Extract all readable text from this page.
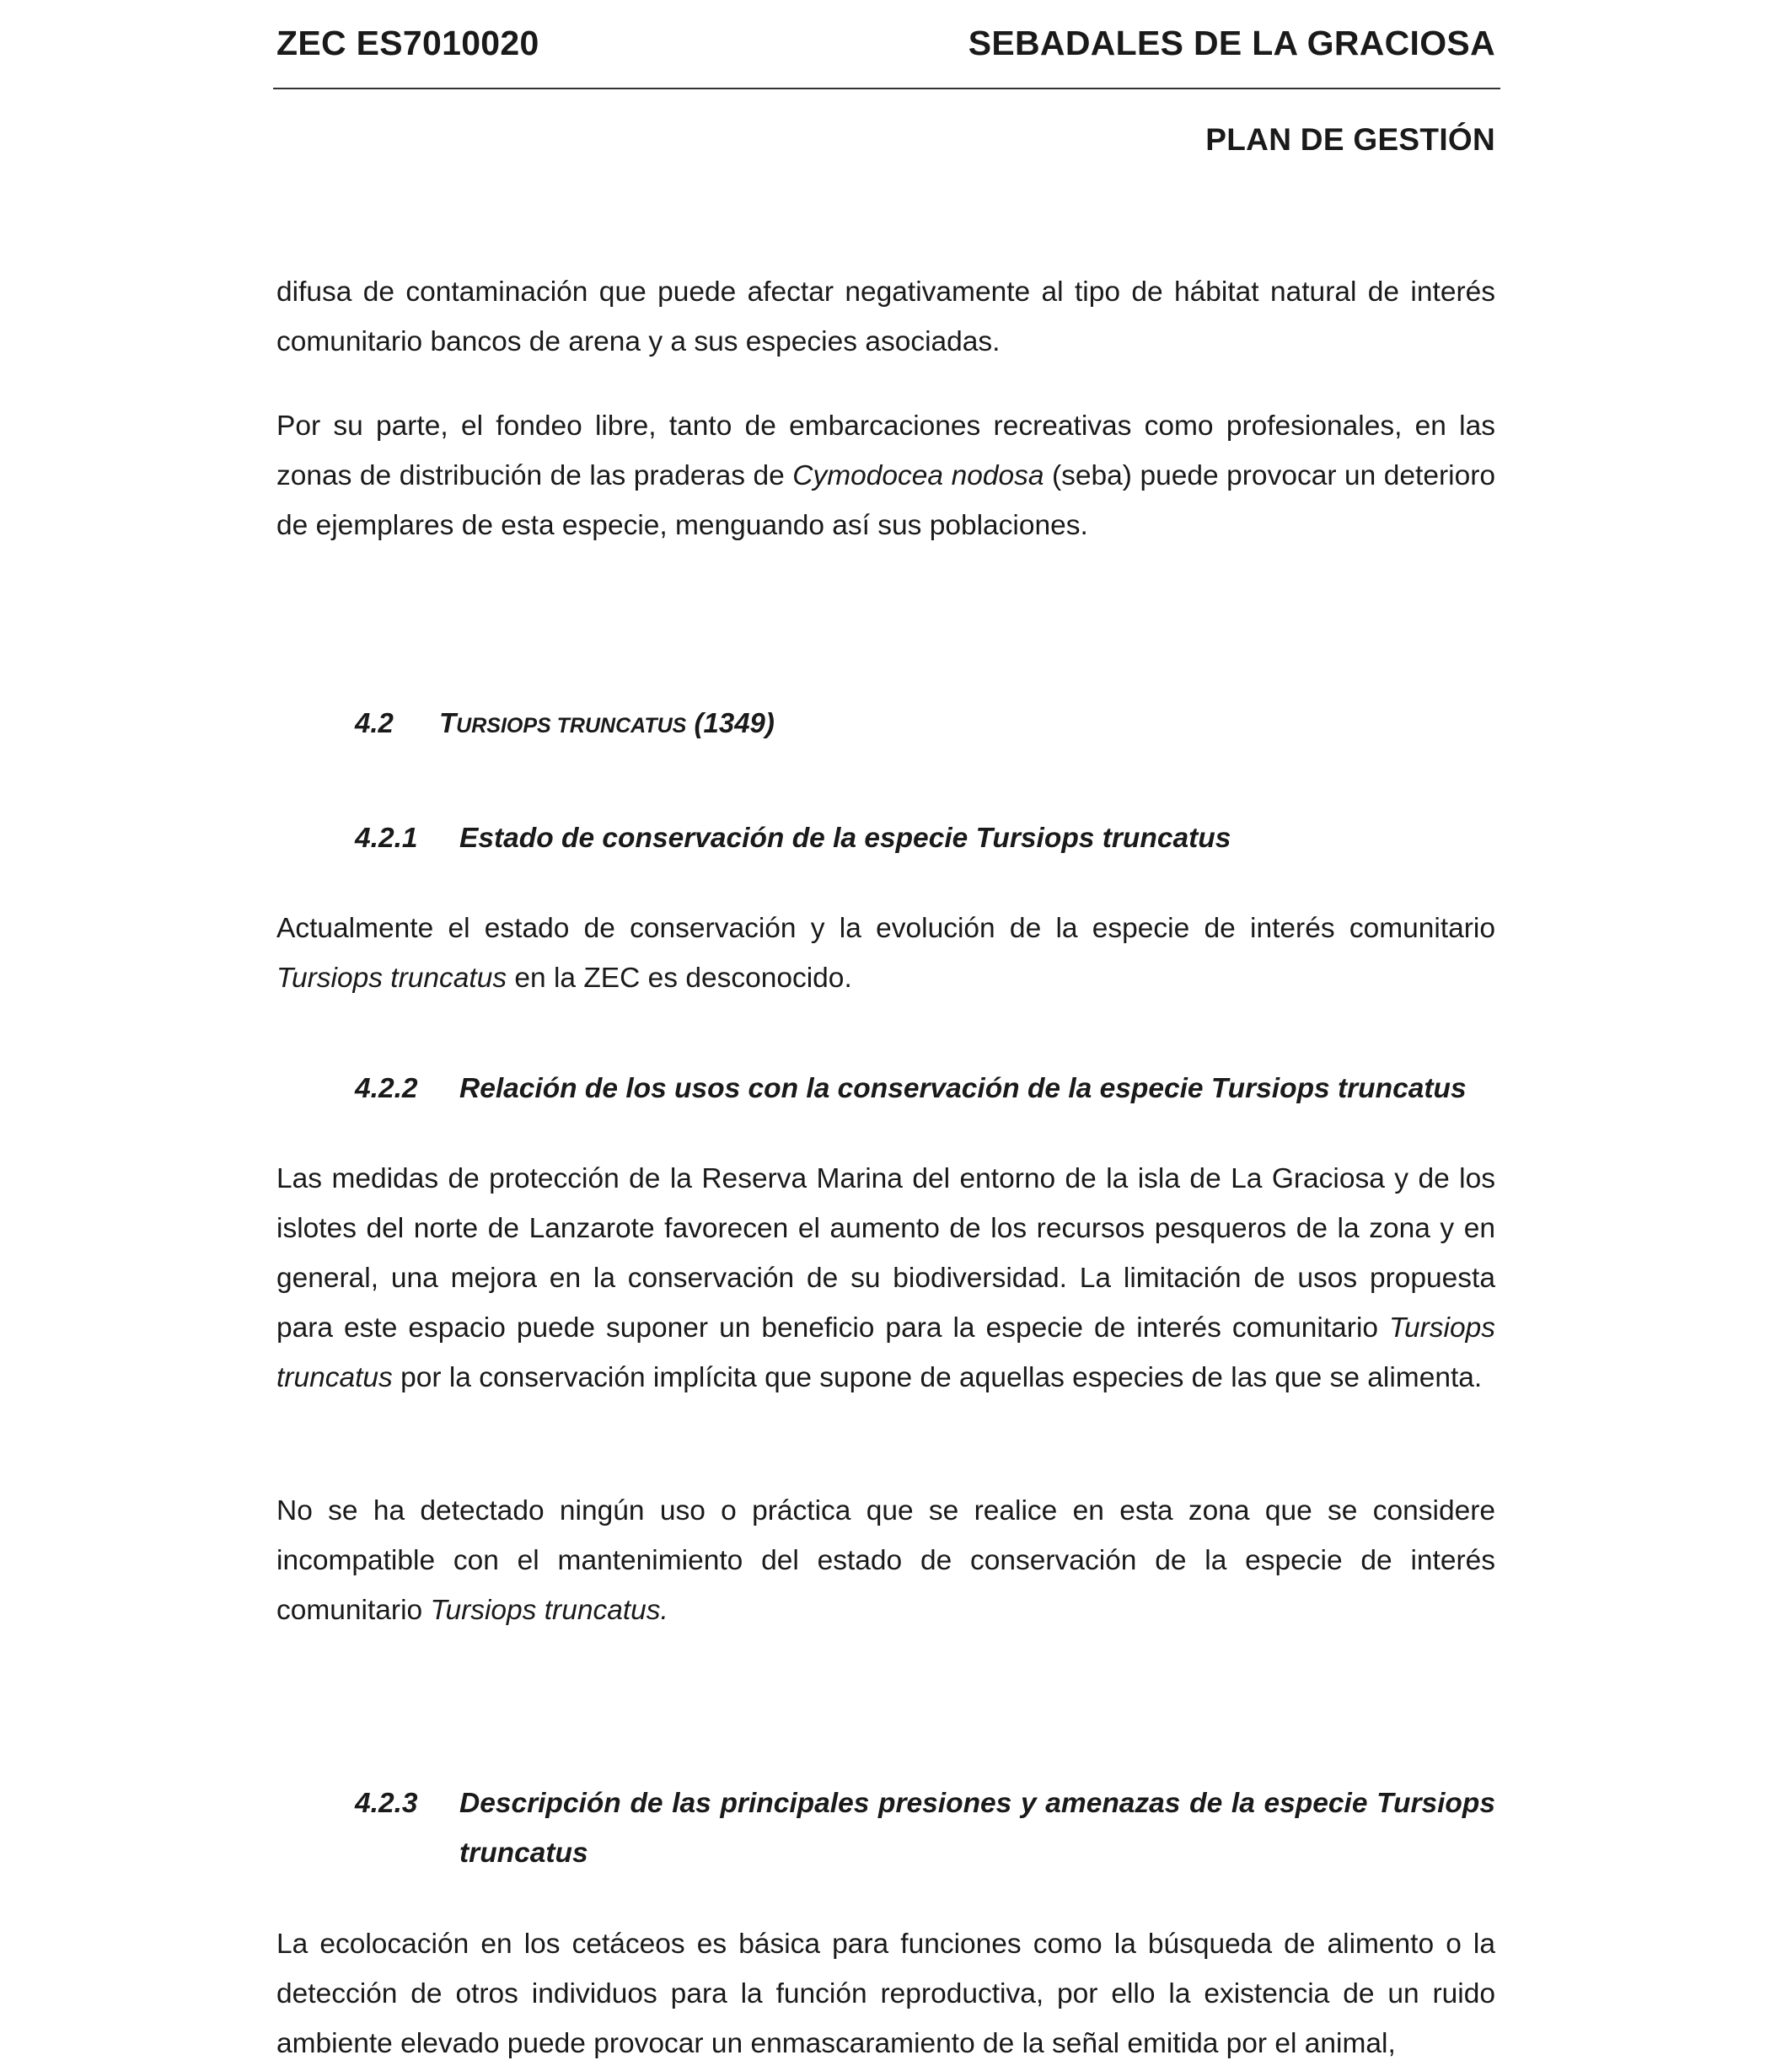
ZEC ES7010020	SEBADALES DE LA GRACIOSA
PLAN DE GESTIÓN

difusa de contaminación que puede afectar negativamente al tipo de hábitat natural de interés comunitario bancos de arena y a sus especies asociadas.

Por su parte, el fondeo libre, tanto de embarcaciones recreativas como profesionales, en las zonas de distribución de las praderas de Cymodocea nodosa (seba) puede provocar un deterioro de ejemplares de esta especie, menguando así sus poblaciones.

4.2 TURSIOPS TRUNCATUS (1349)
4.2.1 Estado de conservación de la especie Tursiops truncatus

Actualmente el estado de conservación y la evolución de la especie de interés comunitario Tursiops truncatus en la ZEC es desconocido.

4.2.2 Relación de los usos con la conservación de la especie Tursiops truncatus

Las medidas de protección de la Reserva Marina del entorno de la isla de La Graciosa y de los islotes del norte de Lanzarote favorecen el aumento de los recursos pesqueros de la zona y en general, una mejora en la conservación de su biodiversidad. La limitación de usos propuesta para este espacio puede suponer un beneficio para la especie de interés comunitario Tursiops truncatus por la conservación implícita que supone de aquellas especies de las que se alimenta.

No se ha detectado ningún uso o práctica que se realice en esta zona que se considere incompatible con el mantenimiento del estado de conservación de la especie de interés comunitario Tursiops truncatus.

4.2.3 Descripción de las principales presiones y amenazas de la especie Tursiops truncatus

La ecolocación en los cetáceos es básica para funciones como la búsqueda de alimento o la detección de otros individuos para la función reproductiva, por ello la existencia de un ruido ambiente elevado puede provocar un enmascaramiento de la señal emitida por el animal,
